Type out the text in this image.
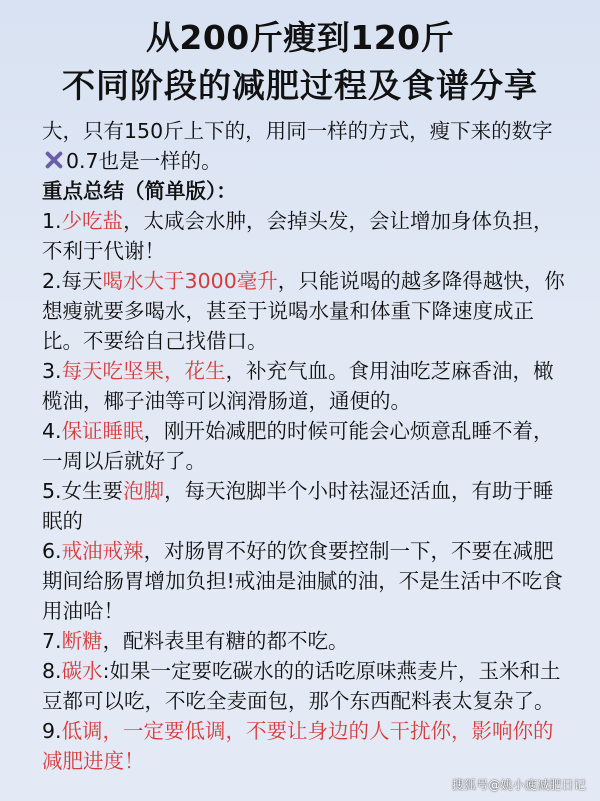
从200斤瘦到120斤
不同阶段的减肥过程及食谱分享

大，只有150斤上下的，用同一样的方式，瘦下来的数字0.7也是一样的。

重点总结（简单版）：

1.少吃盐，太咸会水肿，会掉头发，会让增加身体负担，不利于代谢！

2.每天喝水大于3000毫升，只能说喝的越多降得越快，你想瘦就要多喝水，甚至于说喝水量和体重下降速度成正比。不要给自己找借口。

3.每天吃坚果，花生，补充气血。食用油吃芝麻香油，橄榄油，椰子油等可以润滑肠道，通便的。

4.保证睡眠，刚开始减肥的时候可能会心烦意乱睡不着，一周以后就好了。

5.女生要泡脚，每天泡脚半个小时祛湿还活血，有助于睡眠的

6.戒油戒辣，对肠胃不好的饮食要控制一下，不要在减肥期间给肠胃增加负担!戒油是油腻的油，不是生活中不吃食用油哈！

7.断糖，配料表里有糖的都不吃。

8.碳水:如果一定要吃碳水的的话吃原味燕麦片，玉米和土豆都可以吃，不吃全麦面包，那个东西配料表太复杂了。

9.低调，一定要低调，不要让身边的人干扰你，影响你的减肥进度！

搜狐号@姚小瘦减肥日记
